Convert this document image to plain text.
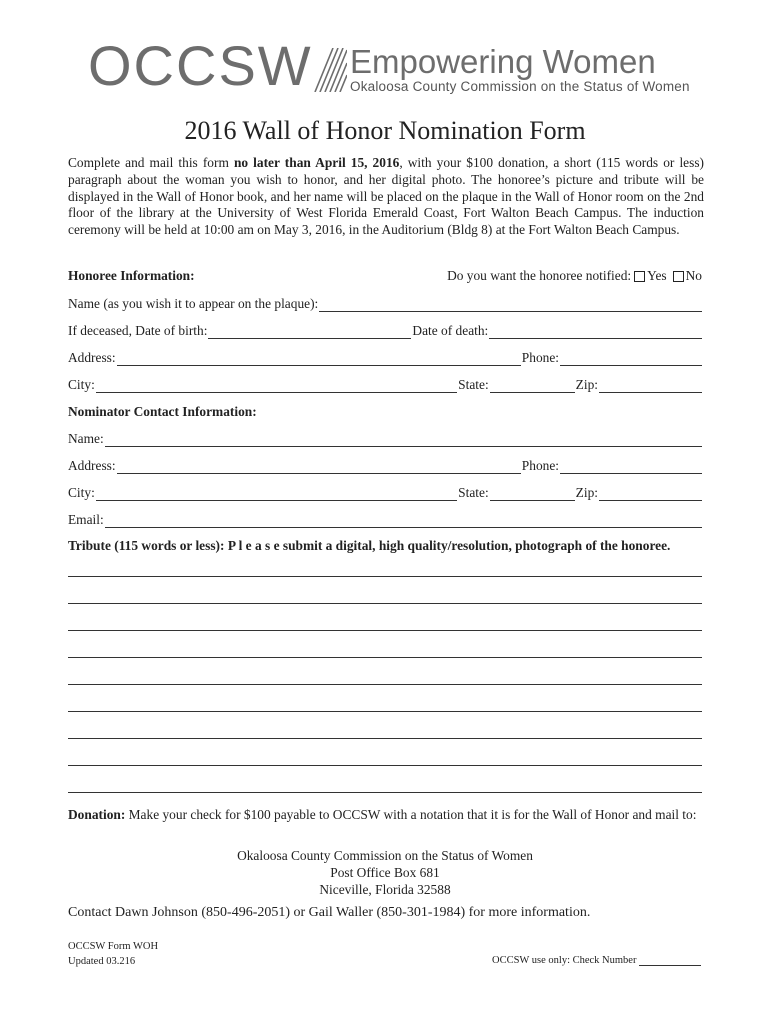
OCCSW Empowering Women
Okaloosa County Commission on the Status of Women
2016 Wall of Honor Nomination Form

Complete and mail this form no later than April 15, 2016, with your $100 donation, a short (115 words or less) paragraph about the woman you wish to honor, and her digital photo. The honoree’s picture and tribute will be displayed in the Wall of Honor book, and her name will be placed on the plaque in the Wall of Honor room on the 2nd floor of the library at the University of West Florida Emerald Coast, Fort Walton Beach Campus. The induction ceremony will be held at 10:00 am on May 3, 2016, in the Auditorium (Bldg 8) at the Fort Walton Beach Campus.

Honoree Information:	Do you want the honoree notified: Yes No
Name (as you wish it to appear on the plaque):
If deceased, Date of birth:	Date of death:
Address:	Phone:
City:	State:	Zip:
Nominator Contact Information:
Name:
Address:	Phone:
City:	State:	Zip:
Email:
Tribute (115 words or less): P l e a s e submit a digital, high quality/resolution, photograph of the honoree.

Donation: Make your check for $100 payable to OCCSW with a notation that it is for the Wall of Honor and mail to:

Okaloosa County Commission on the Status of Women
Post Office Box 681
Niceville, Florida 32588
Contact Dawn Johnson (850-496-2051) or Gail Waller (850-301-1984) for more information.
OCCSW Form WOH
Updated 03.216	OCCSW use only: Check Number
